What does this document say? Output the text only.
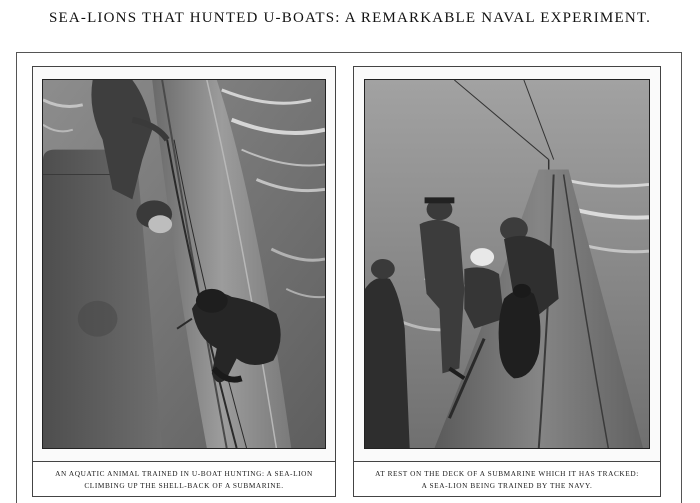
SEA-LIONS THAT HUNTED U-BOATS: A REMARKABLE NAVAL EXPERIMENT.
AN AQUATIC ANIMAL TRAINED IN U-BOAT HUNTING: A SEA-LION
CLIMBING UP THE SHELL-BACK OF A SUBMARINE.
AT REST ON THE DECK OF A SUBMARINE WHICH IT HAS TRACKED:
A SEA-LION BEING TRAINED BY THE NAVY.
